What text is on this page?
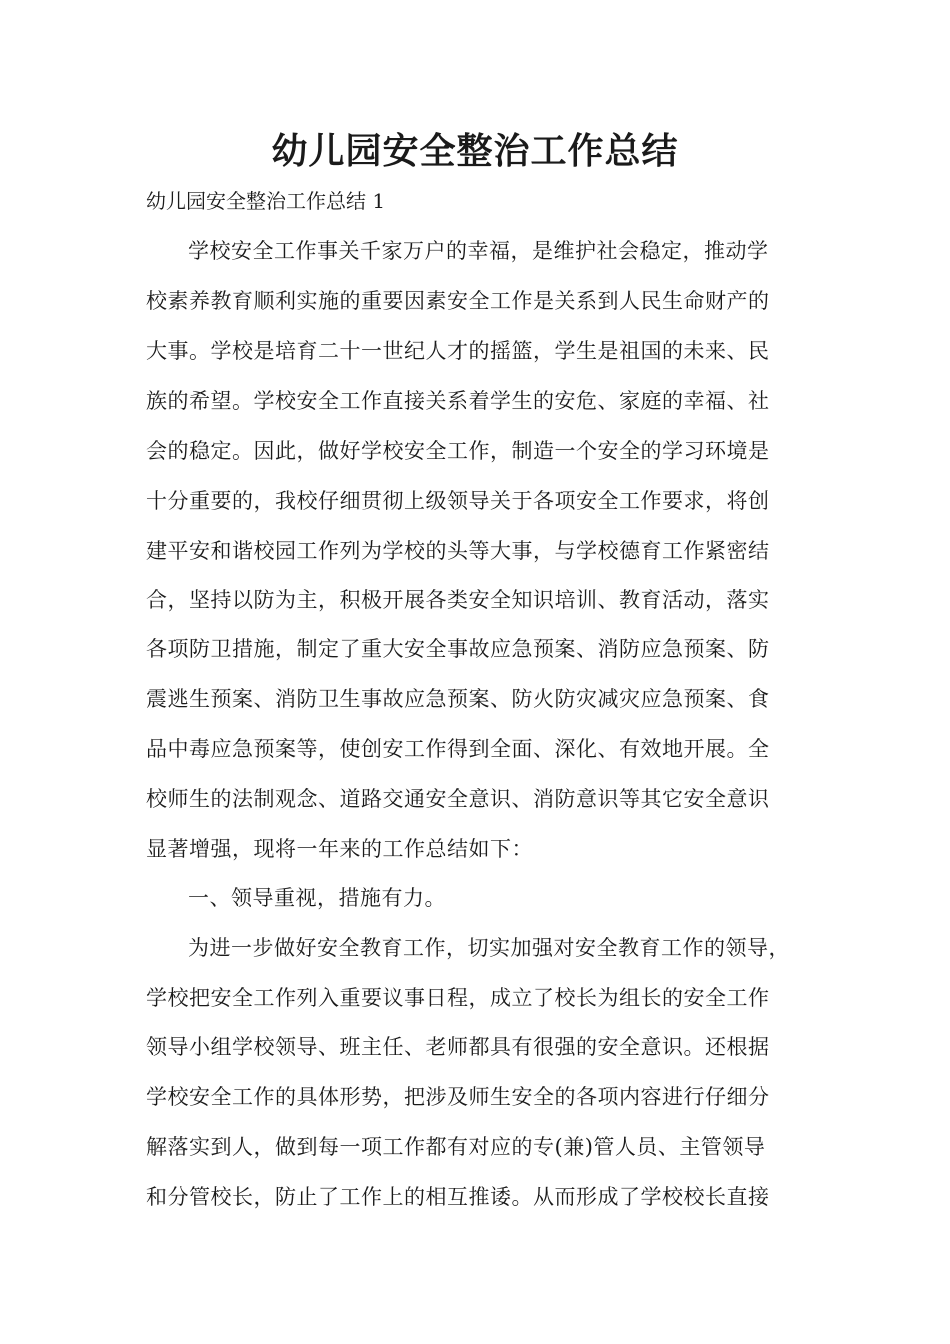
幼儿园安全整治工作总结

幼儿园安全整治工作总结 1

学校安全工作事关千家万户的幸福，是维护社会稳定，推动学

校素养教育顺利实施的重要因素安全工作是关系到人民生命财产的

大事。学校是培育二十一世纪人才的摇篮，学生是祖国的未来、民

族的希望。学校安全工作直接关系着学生的安危、家庭的幸福、社

会的稳定。因此，做好学校安全工作，制造一个安全的学习环境是

十分重要的，我校仔细贯彻上级领导关于各项安全工作要求，将创

建平安和谐校园工作列为学校的头等大事，与学校德育工作紧密结

合，坚持以防为主，积极开展各类安全知识培训、教育活动，落实

各项防卫措施，制定了重大安全事故应急预案、消防应急预案、防

震逃生预案、消防卫生事故应急预案、防火防灾减灾应急预案、食

品中毒应急预案等，使创安工作得到全面、深化、有效地开展。全

校师生的法制观念、道路交通安全意识、消防意识等其它安全意识

显著增强，现将一年来的工作总结如下：

一、领导重视，措施有力。

为进一步做好安全教育工作，切实加强对安全教育工作的领导，

学校把安全工作列入重要议事日程，成立了校长为组长的安全工作

领导小组学校领导、班主任、老师都具有很强的安全意识。还根据

学校安全工作的具体形势，把涉及师生安全的各项内容进行仔细分

解落实到人，做到每一项工作都有对应的专(兼)管人员、主管领导

和分管校长，防止了工作上的相互推诿。从而形成了学校校长直接
